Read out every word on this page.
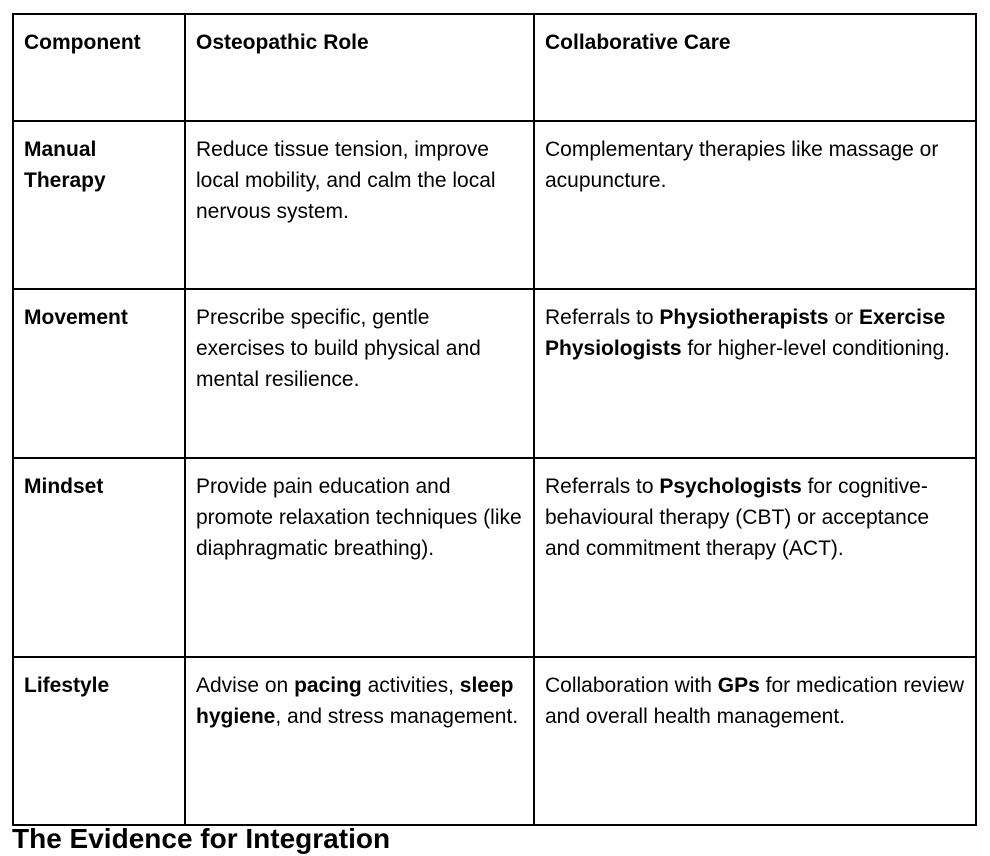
Component	Osteopathic Role	Collaborative Care
Manual Therapy	Reduce tissue tension, improve local mobility, and calm the local nervous system.	Complementary therapies like massage or acupuncture.
Movement	Prescribe specific, gentle exercises to build physical and mental resilience.	Referrals to Physiotherapists or Exercise Physiologists for higher-level conditioning.
Mindset	Provide pain education and promote relaxation techniques (like diaphragmatic breathing).	Referrals to Psychologists for cognitive-behavioural therapy (CBT) or acceptance and commitment therapy (ACT).
Lifestyle	Advise on pacing activities, sleep hygiene, and stress management.	Collaboration with GPs for medication review and overall health management.
The Evidence for Integration
